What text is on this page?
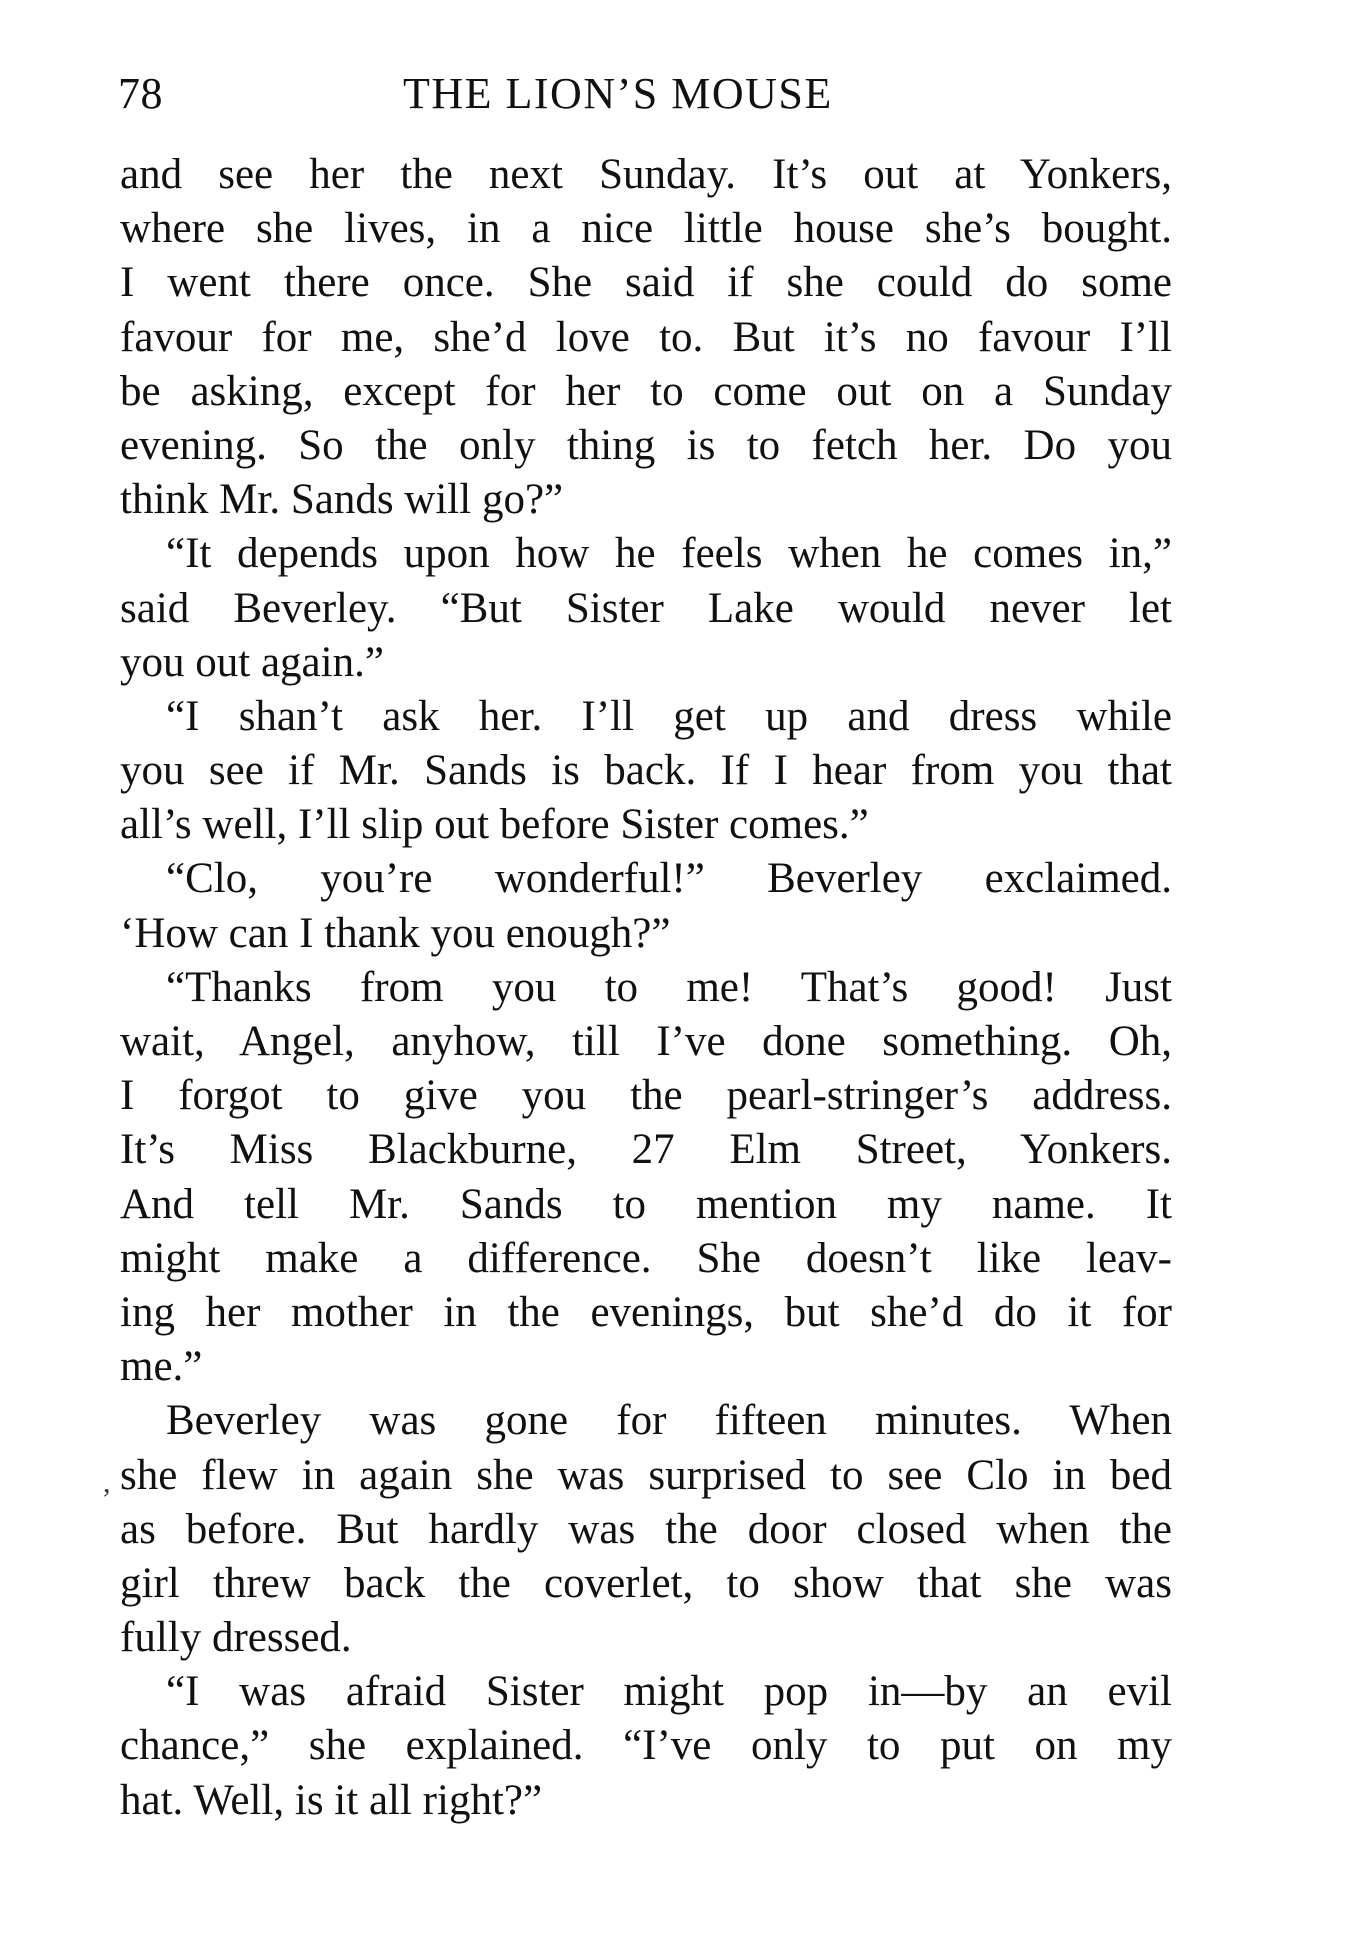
78	THE LION’S MOUSE
and see her the next Sunday. It’s out at Yonkers,
where she lives, in a nice little house she’s bought.
I went there once. She said if she could do some
favour for me, she’d love to. But it’s no favour I’ll
be asking, except for her to come out on a Sunday
evening. So the only thing is to fetch her. Do you
think Mr. Sands will go?”
“It depends upon how he feels when he comes in,”
said Beverley. “But Sister Lake would never let
you out again.”
“I shan’t ask her. I’ll get up and dress while
you see if Mr. Sands is back. If I hear from you that
all’s well, I’ll slip out before Sister comes.”
“Clo, you’re wonderful!” Beverley exclaimed.
‘How can I thank you enough?”
“Thanks from you to me! That’s good! Just
wait, Angel, anyhow, till I’ve done something. Oh,
I forgot to give you the pearl-stringer’s address.
It’s Miss Blackburne, 27 Elm Street, Yonkers.
And tell Mr. Sands to mention my name. It
might make a difference. She doesn’t like leav-
ing her mother in the evenings, but she’d do it for
me.”
Beverley was gone for fifteen minutes. When
she flew in again she was surprised to see Clo in bed
as before. But hardly was the door closed when the
girl threw back the coverlet, to show that she was
fully dressed.
“I was afraid Sister might pop in—by an evil
chance,” she explained. “I’ve only to put on my
hat. Well, is it all right?”
,
